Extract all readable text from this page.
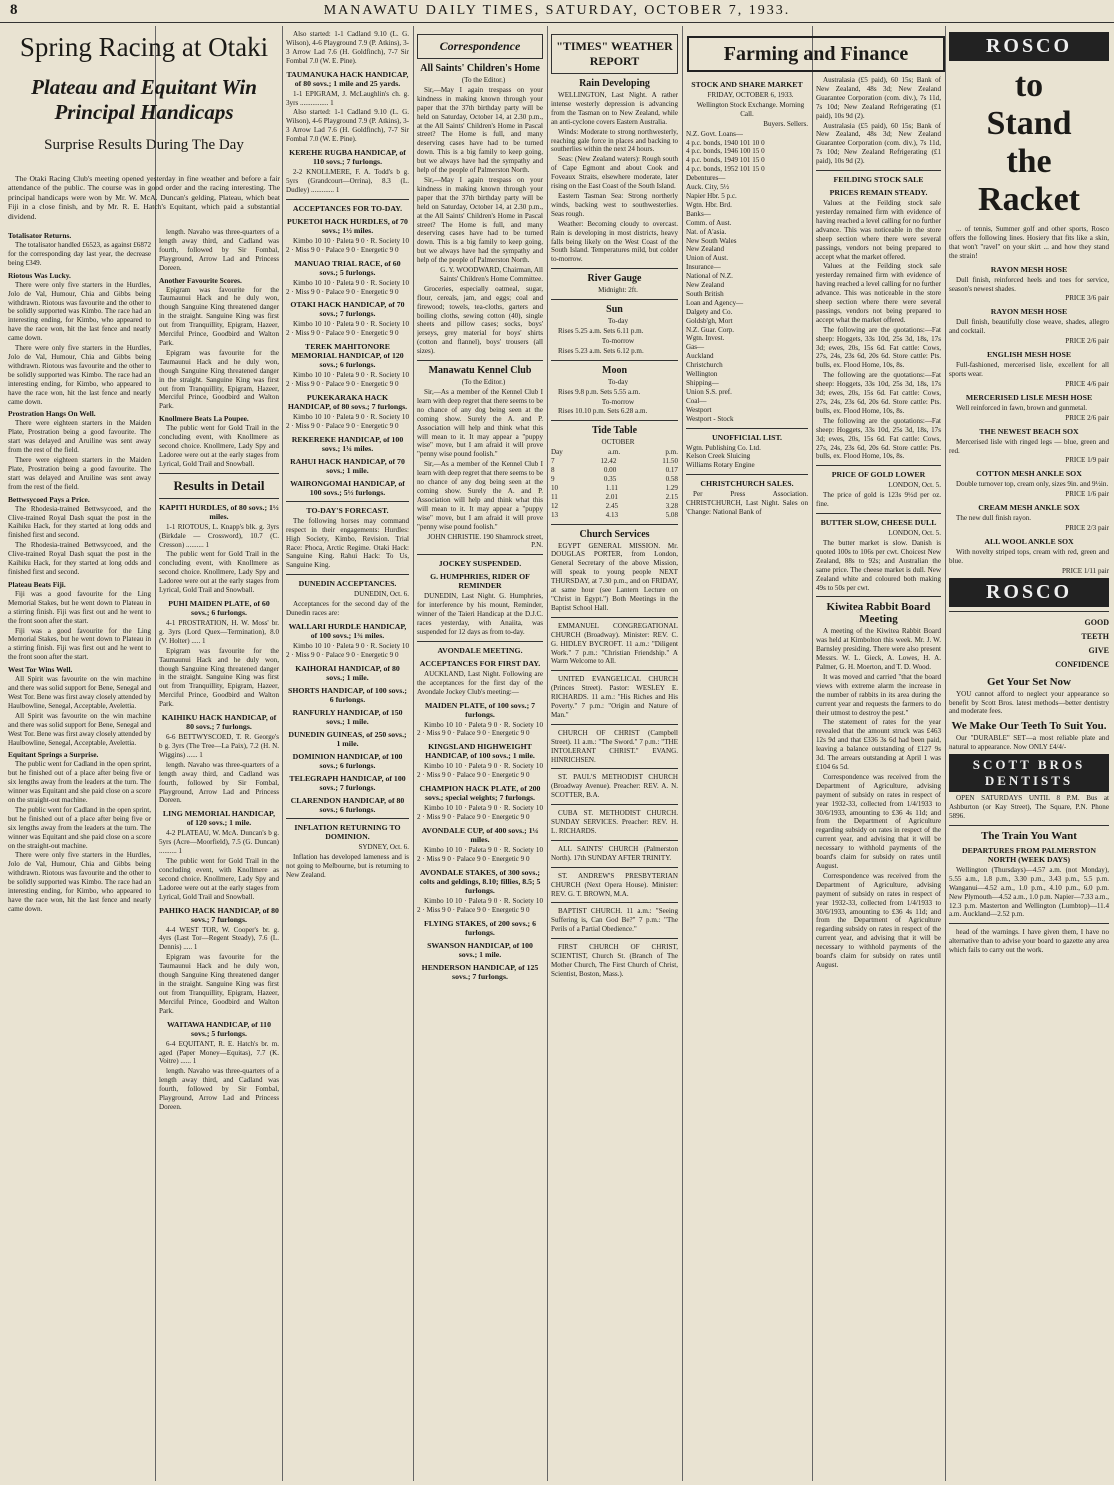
8	MANAWATU DAILY TIMES, SATURDAY, OCTOBER 7, 1933.
Spring Racing at Otaki
Plateau and Equitant Win Principal Handicaps
Surprise Results During The Day

The Otaki Racing Club's meeting opened yesterday in fine weather and before a fair attendance of the public. The course was in good order and the racing interesting. The principal handicaps were won by Mr. W. McA. Duncan's gelding, Plateau, which beat Fiji in a close finish, and by Mr. R. E. Hatch's Equitant, which paid a substantial dividend.

Totalisator Returns.

The totalisator handled £6523, as against £6872 for the corresponding day last year, the decrease being £349.

Riotous Was Lucky.

There were only five starters in the Hurdles, Jolo de Val, Humour, Chia and Gibbs being withdrawn. Riotous was favourite and the other to be solidly supported was Kimbo. The race had an interesting ending, for Kimbo, who appeared to have the race won, hit the last fence and nearly came down.

There were only five starters in the Hurdles, Jolo de Val, Humour, Chia and Gibbs being withdrawn. Riotous was favourite and the other to be solidly supported was Kimbo. The race had an interesting ending, for Kimbo, who appeared to have the race won, hit the last fence and nearly came down.

Prostration Hangs On Well.

There were eighteen starters in the Maiden Plate, Prostration being a good favourite. The start was delayed and Aruiline was sent away from the rest of the field.

There were eighteen starters in the Maiden Plate, Prostration being a good favourite. The start was delayed and Aruiline was sent away from the rest of the field.

Bettwsycoed Pays a Price.

The Rhodesia-trained Bettwsycoed, and the Clive-trained Royal Dash squat the post in the Kaihiku Hack, for they started at long odds and finished first and second.

The Rhodesia-trained Bettwsycoed, and the Clive-trained Royal Dash squat the post in the Kaihiku Hack, for they started at long odds and finished first and second.

Plateau Beats Fiji.

Fiji was a good favourite for the Ling Memorial Stakes, but he went down to Plateau in a stirring finish. Fiji was first out and he went to the front soon after the start.

Fiji was a good favourite for the Ling Memorial Stakes, but he went down to Plateau in a stirring finish. Fiji was first out and he went to the front soon after the start.

West Tor Wins Well.

All Spirit was favourite on the win machine and there was solid support for Bene, Senegal and West Tor. Bene was first away closely attended by Haulbowline, Senegal, Acceptable, Avelettia.

All Spirit was favourite on the win machine and there was solid support for Bene, Senegal and West Tor. Bene was first away closely attended by Haulbowline, Senegal, Acceptable, Avelettia.

Equitant Springs a Surprise.

The public went for Cadland in the open sprint, but he finished out of a place after being five or six lengths away from the leaders at the turn. The winner was Equitant and she paid close on a score on the straight-out machine.

The public went for Cadland in the open sprint, but he finished out of a place after being five or six lengths away from the leaders at the turn. The winner was Equitant and she paid close on a score on the straight-out machine.

There were only five starters in the Hurdles, Jolo de Val, Humour, Chia and Gibbs being withdrawn. Riotous was favourite and the other to be solidly supported was Kimbo. The race had an interesting ending, for Kimbo, who appeared to have the race won, hit the last fence and nearly came down.

length. Navaho was three-quarters of a length away third, and Cadland was fourth, followed by Sir Fombal, Playground, Arrow Lad and Princess Doreen.

Another Favourite Scores.

Epigram was favourite for the Taumaunui Hack and he duly won, though Sanguine King threatened danger in the straight. Sanguine King was first out from Tranquillity, Epigram, Hazeer, Merciful Prince, Goodbird and Walton Park.

Epigram was favourite for the Taumaunui Hack and he duly won, though Sanguine King threatened danger in the straight. Sanguine King was first out from Tranquillity, Epigram, Hazeer, Merciful Prince, Goodbird and Walton Park.

Knollmere Beats La Poupee.

The public went for Gold Trail in the concluding event, with Knollmere as second choice. Knollmere, Lady Spy and Ladoree were out at the early stages from Lyrical, Gold Trail and Snowball.

Results in Detail
KAPITI HURDLES, of 80 sovs.; 1½ miles.

1-1 RIOTOUS, L. Knapp's blk. g. 3yrs (Birkdale — Crossword), 10.7 (C. Cresson) .......... 1

The public went for Gold Trail in the concluding event, with Knollmere as second choice. Knollmere, Lady Spy and Ladoree were out at the early stages from Lyrical, Gold Trail and Snowball.

PUHI MAIDEN PLATE, of 60 sovs.; 6 furlongs.

4-1 PROSTRATION, H. W. Moss' br. g. 3yrs (Lord Quex—Termination), 8.0 (V. Holter) ..... 1

Epigram was favourite for the Taumaunui Hack and he duly won, though Sanguine King threatened danger in the straight. Sanguine King was first out from Tranquillity, Epigram, Hazeer, Merciful Prince, Goodbird and Walton Park.

KAIHIKU HACK HANDICAP, of 80 sovs.; 7 furlongs.

6-6 BETTWYSCOED, T. R. George's b g. 3yrs (The Tree—La Paix), 7.2 (H. N. Wiggins) ...... 1

length. Navaho was three-quarters of a length away third, and Cadland was fourth, followed by Sir Fombal, Playground, Arrow Lad and Princess Doreen.

LING MEMORIAL HANDICAP, of 120 sovs.; 1 mile.

4-2 PLATEAU, W. McA. Duncan's b g. 5yrs (Acre—Moorfield), 7.5 (G. Duncan) .......... 1

The public went for Gold Trail in the concluding event, with Knollmere as second choice. Knollmere, Lady Spy and Ladoree were out at the early stages from Lyrical, Gold Trail and Snowball.

PAHIKO HACK HANDICAP, of 80 sovs.; 7 furlongs.

4-4 WEST TOR, W. Cooper's br. g. 4yrs (Last Tor—Regent Steady), 7.6 (L. Dennis) ..... 1

Epigram was favourite for the Taumaunui Hack and he duly won, though Sanguine King threatened danger in the straight. Sanguine King was first out from Tranquillity, Epigram, Hazeer, Merciful Prince, Goodbird and Walton Park.

WAITAWA HANDICAP, of 110 sovs.; 5 furlongs.

6-4 EQUITANT, R. E. Hatch's br. m. aged (Paper Money—Equitas), 7.7 (K. Voitre) ...... 1

length. Navaho was three-quarters of a length away third, and Cadland was fourth, followed by Sir Fombal, Playground, Arrow Lad and Princess Doreen.

Also started: 1-1 Cadland 9.10 (L. G. Wilson), 4-6 Playground 7.9 (P. Atkins), 3-3 Arrow Lad 7.6 (H. Goldfinch), 7-7 Sir Fombal 7.0 (W. E. Pine).

TAUMANUKA HACK HANDICAP, of 80 sovs.; 1 mile and 25 yards.

1-1 EPIGRAM, J. McLaughlin's ch. g. 3yrs ................ 1

Also started: 1-1 Cadland 9.10 (L. G. Wilson), 4-6 Playground 7.9 (P. Atkins), 3-3 Arrow Lad 7.6 (H. Goldfinch), 7-7 Sir Fombal 7.0 (W. E. Pine).

KEREHE RUGBA HANDICAP, of 110 sovs.; 7 furlongs.

2-2 KNOLLMERE, F. A. Todd's b g. 5yrs (Grandcourt—Orrina), 8.3 (L. Dudley) ............. 1

ACCEPTANCES FOR TO-DAY.
PUKETOI HACK HURDLES, of 70 sovs.; 1½ miles.

Kimbo 10 10 · Paleta 9 0 · R. Society 10 2 · Miss 9 0 · Palace 9 0 · Energetic 9 0

MANUAO TRIAL RACE, of 60 sovs.; 5 furlongs.

Kimbo 10 10 · Paleta 9 0 · R. Society 10 2 · Miss 9 0 · Palace 9 0 · Energetic 9 0

OTAKI HACK HANDICAP, of 70 sovs.; 7 furlongs.

Kimbo 10 10 · Paleta 9 0 · R. Society 10 2 · Miss 9 0 · Palace 9 0 · Energetic 9 0

TEREK MAHITONORE MEMORIAL HANDICAP, of 120 sovs.; 6 furlongs.

Kimbo 10 10 · Paleta 9 0 · R. Society 10 2 · Miss 9 0 · Palace 9 0 · Energetic 9 0

PUKEKARAKA HACK HANDICAP, of 80 sovs.; 7 furlongs.

Kimbo 10 10 · Paleta 9 0 · R. Society 10 2 · Miss 9 0 · Palace 9 0 · Energetic 9 0

REKEREKE HANDICAP, of 100 sovs.; 1¼ miles.
RAHUI HACK HANDICAP, of 70 sovs.; 1 mile.
WAIRONGOMAI HANDICAP, of 100 sovs.; 5½ furlongs.
TO-DAY'S FORECAST.

The following horses may command respect in their engagements: Hurdles: High Society, Kimbo, Revision. Trial Race: Phoca, Arctic Regime. Otaki Hack: Sanguine King. Rahui Hack: To Us, Sanguine King.

DUNEDIN ACCEPTANCES.

DUNEDIN, Oct. 6.

Acceptances for the second day of the Dunedin races are:

WALLARI HURDLE HANDICAP, of 100 sovs.; 1¾ miles.

Kimbo 10 10 · Paleta 9 0 · R. Society 10 2 · Miss 9 0 · Palace 9 0 · Energetic 9 0

KAIHORAI HANDICAP, of 80 sovs.; 1 mile.
SHORTS HANDICAP, of 100 sovs.; 6 furlongs.
RANFURLY HANDICAP, of 150 sovs.; 1 mile.
DUNEDIN GUINEAS, of 250 sovs.; 1 mile.
DOMINION HANDICAP, of 100 sovs.; 6 furlongs.
TELEGRAPH HANDICAP, of 100 sovs.; 7 furlongs.
CLARENDON HANDICAP, of 80 sovs.; 6 furlongs.
INFLATION RETURNING TO DOMINION.

SYDNEY, Oct. 6.

Inflation has developed lameness and is not going to Melbourne, but is returning to New Zealand.

Correspondence
All Saints' Children's Home

(To the Editor.)

Sir,—May I again trespass on your kindness in making known through your paper that the 37th birthday party will be held on Saturday, October 14, at 2.30 p.m., at the All Saints' Children's Home in Pascal street? The Home is full, and many deserving cases have had to be turned down. This is a big family to keep going, but we always have had the sympathy and help of the people of Palmerston North.

Sir,—May I again trespass on your kindness in making known through your paper that the 37th birthday party will be held on Saturday, October 14, at 2.30 p.m., at the All Saints' Children's Home in Pascal street? The Home is full, and many deserving cases have had to be turned down. This is a big family to keep going, but we always have had the sympathy and help of the people of Palmerston North.

G. Y. WOODWARD, Chairman, All Saints' Children's Home Committee.

Groceries, especially oatmeal, sugar, flour, cereals, jam, and eggs; coal and firewood; towels, tea-cloths, garters and boiling cloths, sewing cotton (40), single sheets and pillow cases; socks, boys' jerseys, grey material for boys' shirts (cotton and flannel), boys' trousers (all sizes).

Manawatu Kennel Club

(To the Editor.)

Sir,—As a member of the Kennel Club I learn with deep regret that there seems to be no chance of any dog being seen at the coming show. Surely the A. and P. Association will help and think what this will mean to it. It may appear a "puppy wise" move, but I am afraid it will prove "penny wise pound foolish."

Sir,—As a member of the Kennel Club I learn with deep regret that there seems to be no chance of any dog being seen at the coming show. Surely the A. and P. Association will help and think what this will mean to it. It may appear a "puppy wise" move, but I am afraid it will prove "penny wise pound foolish."

JOHN CHRISTIE. 190 Shamrock street, P.N.

JOCKEY SUSPENDED.
G. HUMPHRIES, RIDER OF REMINDER

DUNEDIN, Last Night. G. Humphries, for interference by his mount, Reminder, winner of the Taieri Handicap at the D.J.C. races yesterday, with Anaiita, was suspended for 12 days as from to-day.

AVONDALE MEETING.
ACCEPTANCES FOR FIRST DAY.

AUCKLAND, Last Night. Following are the acceptances for the first day of the Avondale Jockey Club's meeting:—

MAIDEN PLATE, of 100 sovs.; 7 furlongs.

Kimbo 10 10 · Paleta 9 0 · R. Society 10 2 · Miss 9 0 · Palace 9 0 · Energetic 9 0

KINGSLAND HIGHWEIGHT HANDICAP, of 100 sovs.; 1 mile.

Kimbo 10 10 · Paleta 9 0 · R. Society 10 2 · Miss 9 0 · Palace 9 0 · Energetic 9 0

CHAMPION HACK PLATE, of 200 sovs.; special weights; 7 furlongs.

Kimbo 10 10 · Paleta 9 0 · R. Society 10 2 · Miss 9 0 · Palace 9 0 · Energetic 9 0

AVONDALE CUP, of 400 sovs.; 1¼ miles.

Kimbo 10 10 · Paleta 9 0 · R. Society 10 2 · Miss 9 0 · Palace 9 0 · Energetic 9 0

AVONDALE STAKES, of 300 sovs.; colts and geldings, 8.10; fillies, 8.5; 5 furlongs.

Kimbo 10 10 · Paleta 9 0 · R. Society 10 2 · Miss 9 0 · Palace 9 0 · Energetic 9 0

FLYING STAKES, of 200 sovs.; 6 furlongs.
SWANSON HANDICAP, of 100 sovs.; 1 mile.
HENDERSON HANDICAP, of 125 sovs.; 7 furlongs.
"TIMES" WEATHER REPORT
Rain Developing

WELLINGTON, Last Night. A rather intense westerly depression is advancing from the Tasman on to New Zealand, while an anti-cyclone covers Eastern Australia.

Winds: Moderate to strong northwesterly, reaching gale force in places and backing to southerlies within the next 24 hours.

Seas: (New Zealand waters): Rough south of Cape Egmont and about Cook and Foveaux Straits, elsewhere moderate, later rising on the East Coast of the South Island.

Eastern Tasman Sea: Strong northerly winds, backing west to southwesterlies. Seas rough.

Weather: Becoming cloudy to overcast. Rain is developing in most districts, heavy falls being likely on the West Coast of the South Island. Temperatures mild, but colder to-morrow.

River Gauge

Midnight: 2ft.

Sun

To-day

Rises 5.25 a.m. Sets 6.11 p.m.

To-morrow

Rises 5.23 a.m. Sets 6.12 p.m.

Moon

To-day

Rises 9.8 p.m. Sets 5.55 a.m.

To-morrow

Rises 10.10 p.m. Sets 6.28 a.m.

Tide Table

OCTOBER

Day	a.m.	p.m.
7	12.42	11.50
8	0.00	0.17
9	0.35	0.58
10	1.11	1.29
11	2.01	2.15
12	2.45	3.28
13	4.13	5.08
Church Services

EGYPT GENERAL MISSION. Mr. DOUGLAS PORTER, from London, General Secretary of the above Mission, will speak to young people NEXT THURSDAY, at 7.30 p.m., and on FRIDAY, at same hour (see Lantern Lecture on "Christ in Egypt.") Both Meetings in the Baptist School Hall.

EMMANUEL CONGREGATIONAL CHURCH (Broadway). Minister: REV. C. G. HIDLEY BYCROFT. 11 a.m.: "Diligent Work." 7 p.m.: "Christian Friendship." A Warm Welcome to All.

UNITED EVANGELICAL CHURCH (Princes Street). Pastor: WESLEY E. RICHARDS. 11 a.m.: "His Riches and His Poverty." 7 p.m.: "Origin and Nature of Man."

CHURCH OF CHRIST (Campbell Street). 11 a.m.: "The Sword." 7 p.m.: "THE INTOLERANT CHRIST." EVANG. HINRICHSEN.

ST. PAUL'S METHODIST CHURCH (Broadway Avenue). Preacher: REV. A. N. SCOTTER, B.A.

CUBA ST. METHODIST CHURCH. SUNDAY SERVICES. Preacher: REV. H. L. RICHARDS.

ALL SAINTS' CHURCH (Palmerston North). 17th SUNDAY AFTER TRINITY.

ST. ANDREW'S PRESBYTERIAN CHURCH (Next Opera House). Minister: REV. G. T. BROWN, M.A.

BAPTIST CHURCH. 11 a.m.: "Seeing Suffering is, Can God Be?" 7 p.m.: "The Perils of a Partial Obedience."

FIRST CHURCH OF CHRIST, SCIENTIST, Church St. (Branch of The Mother Church, The First Church of Christ, Scientist, Boston, Mass.).

Farming and Finance
STOCK AND SHARE MARKET

FRIDAY, OCTOBER 6, 1933.

Wellington Stock Exchange. Morning Call.

Buyers. Sellers.

N.Z. Govt. Loans—
4 p.c. bonds, 1940 101 10 0
4 p.c. bonds, 1946 100 15 0
4 p.c. bonds, 1949 101 15 0
4 p.c. bonds, 1952 101 15 0
Debentures—
Auck. City, 5½
Napier Hbr. 5 p.c.
Wgtn. Hbr. Brd.
Banks—
Comm. of Aust.
Nat. of A'asia.
New South Wales
New Zealand
Union of Aust.
Insurance—
National of N.Z.
New Zealand
South British
Loan and Agency—
Dalgety and Co.
Goldsb'gh, Mort
N.Z. Guar. Corp.
Wgtn. Invest.
Gas—
Auckland
Christchurch
Wellington
Shipping—
Union S.S. pref.
Coal—
Westport
Westport - Stock
UNOFFICIAL LIST.
Wgtn. Publishing Co. Ltd.
Kelson Creek Sluicing
Williams Rotary Engine
CHRISTCHURCH SALES.

Per Press Association. CHRISTCHURCH, Last Night. Sales on 'Change: National Bank of

Australasia (£5 paid), 60 15s; Bank of New Zealand, 48s 3d; New Zealand Guarantee Corporation (com. div.), 7s 11d, 7s 10d; New Zealand Refrigerating (£1 paid), 10s 9d (2).

Australasia (£5 paid), 60 15s; Bank of New Zealand, 48s 3d; New Zealand Guarantee Corporation (com. div.), 7s 11d, 7s 10d; New Zealand Refrigerating (£1 paid), 10s 9d (2).

FEILDING STOCK SALE
PRICES REMAIN STEADY.

Values at the Feilding stock sale yesterday remained firm with evidence of having reached a level calling for no further advance. This was noticeable in the store sheep section where there were several passings, vendors not being prepared to accept what the market offered.

Values at the Feilding stock sale yesterday remained firm with evidence of having reached a level calling for no further advance. This was noticeable in the store sheep section where there were several passings, vendors not being prepared to accept what the market offered.

The following are the quotations:—Fat sheep: Hoggets, 33s 10d, 25s 3d, 18s, 17s 3d; ewes, 20s, 15s 6d. Fat cattle: Cows, 27s, 24s, 23s 6d, 20s 6d. Store cattle: Pts. bulls, ex. Flood Home, 10s, 8s.

The following are the quotations:—Fat sheep: Hoggets, 33s 10d, 25s 3d, 18s, 17s 3d; ewes, 20s, 15s 6d. Fat cattle: Cows, 27s, 24s, 23s 6d, 20s 6d. Store cattle: Pts. bulls, ex. Flood Home, 10s, 8s.

The following are the quotations:—Fat sheep: Hoggets, 33s 10d, 25s 3d, 18s, 17s 3d; ewes, 20s, 15s 6d. Fat cattle: Cows, 27s, 24s, 23s 6d, 20s 6d. Store cattle: Pts. bulls, ex. Flood Home, 10s, 8s.

PRICE OF GOLD LOWER

LONDON, Oct. 5.

The price of gold is 123s 9½d per oz. fine.

BUTTER SLOW, CHEESE DULL

LONDON, Oct. 5.

The butter market is slow. Danish is quoted 100s to 106s per cwt. Choicest New Zealand, 88s to 92s; and Australian the same price. The cheese market is dull. New Zealand white and coloured both making 49s to 50s per cwt.

Kiwitea Rabbit Board Meeting

A meeting of the Kiwitea Rabbit Board was held at Kimbolton this week. Mr. J. W. Barnsley presiding. There were also present Messrs. W. L. Gieck, A. Lowes, H. A. Palmer, G. H. Moerton, and T. D. Wood.

It was moved and carried "that the board views with extreme alarm the increase in the number of rabbits in its area during the current year and requests the farmers to do their utmost to destroy the pest."

The statement of rates for the year revealed that the amount struck was £463 12s 9d and that £336 3s 6d had been paid, leaving a balance outstanding of £127 9s 3d. The arrears outstanding at April 1 was £104 6s 5d.

Correspondence was received from the Department of Agriculture, advising payment of subsidy on rates in respect of year 1932-33, collected from 1/4/1933 to 30/6/1933, amounting to £36 4s 11d; and from the Department of Agriculture regarding subsidy on rates in respect of the current year, and advising that it will be necessary to withhold payments of the board's claim for subsidy on rates until August.

Correspondence was received from the Department of Agriculture, advising payment of subsidy on rates in respect of year 1932-33, collected from 1/4/1933 to 30/6/1933, amounting to £36 4s 11d; and from the Department of Agriculture regarding subsidy on rates in respect of the current year, and advising that it will be necessary to withhold payments of the board's claim for subsidy on rates until August.

ROSCO
to
Stand
the
Racket

... of tennis, Summer golf and other sports, Rosco offers the following lines. Hosiery that fits like a skin, that won't "ravel" on your skirt ... and how they stand the strain!

RAYON MESH HOSE

Dull finish, reinforced heels and toes for service, season's newest shades.

PRICE 3/6 pair

RAYON MESH HOSE

Dull finish, beautifully close weave, shades, allegro and cocktail.

PRICE 2/6 pair

ENGLISH MESH HOSE

Full-fashioned, mercerised lisle, excellent for all sports wear.

PRICE 4/6 pair

MERCERISED LISLE MESH HOSE

Well reinforced in fawn, brown and gunmetal.

PRICE 2/6 pair

THE NEWEST BEACH SOX

Mercerised lisle with ringed legs — blue, green and red.

PRICE 1/9 pair

COTTON MESH ANKLE SOX

Double turnover top, cream only, sizes 9in. and 9½in.

PRICE 1/6 pair

CREAM MESH ANKLE SOX

The new dull finish rayon.

PRICE 2/3 pair

ALL WOOL ANKLE SOX

With novelty striped tops, cream with red, green and blue.

PRICE 1/11 pair

ROSCO
GOOD
TEETH
GIVE
CONFIDENCE
Get Your Set Now

YOU cannot afford to neglect your appearance so benefit by Scott Bros. latest methods—better dentistry and moderate fees.

We Make Our Teeth To Suit You.

Our "DURABLE" SET—a most reliable plate and natural to appearance. Now ONLY £4/4/-

SCOTT BROS DENTISTS

OPEN SATURDAYS UNTIL 8 P.M. Bus at Ashburton (or Kay Street), The Square, P.N. Phone 5896.

The Train You Want
DEPARTURES FROM PALMERSTON NORTH (WEEK DAYS)

Wellington (Thursdays)—4.57 a.m. (not Monday), 5.55 a.m., 1.8 p.m., 3.30 p.m., 3.43 p.m., 5.5 p.m. Wanganui—4.52 a.m., 1.0 p.m., 4.10 p.m., 6.0 p.m. New Plymouth—4.52 a.m., 1.0 p.m. Napier—7.33 a.m., 12.3 p.m. Masterton and Wellington (Lumbtop)—11.4 a.m. Auckland—2.52 p.m.

head of the warnings. I have given them, I have no alternative than to advise your board to gazette any area which fails to carry out the work.
